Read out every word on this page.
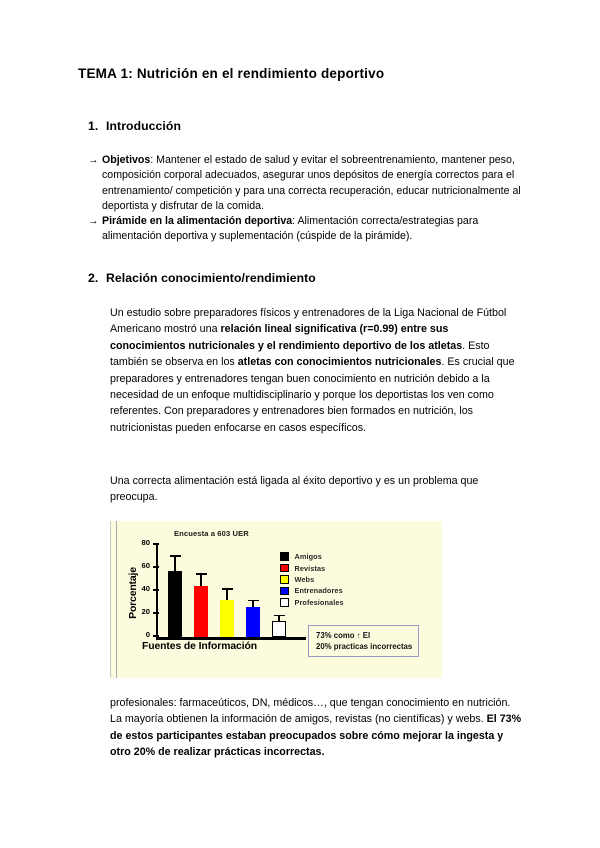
TEMA 1: Nutrición en el rendimiento deportivo
1. Introducción
→ Objetivos: Mantener el estado de salud y evitar el sobreentrenamiento, mantener peso, composición corporal adecuados, asegurar unos depósitos de energía correctos para el entrenamiento/ competición y para una correcta recuperación, educar nutricionalmente al deportista y disfrutar de la comida.
→ Pirámide en la alimentación deportiva: Alimentación correcta/estrategias para alimentación deportiva y suplementación (cúspide de la pirámide).
2. Relación conocimiento/rendimiento
Un estudio sobre preparadores físicos y entrenadores de la Liga Nacional de Fútbol Americano mostró una relación lineal significativa (r=0.99) entre sus conocimientos nutricionales y el rendimiento deportivo de los atletas. Esto también se observa en los atletas con conocimientos nutricionales. Es crucial que preparadores y entrenadores tengan buen conocimiento en nutrición debido a la necesidad de un enfoque multidisciplinario y porque los deportistas los ven como referentes. Con preparadores y entrenadores bien formados en nutrición, los nutricionistas pueden enfocarse en casos específicos.
Una correcta alimentación está ligada al éxito deportivo y es un problema que preocupa.
Encuesta a 603 UER
Porcentaje
0
20
40
60
80
Fuentes de Información
Amigos
Revistas
Webs
Entrenadores
Profesionales
73% como ↑ El
20% practicas incorrectas
profesionales: farmaceúticos, DN, médicos…, que tengan conocimiento en nutrición. La mayoría obtienen la información de amigos, revistas (no científicas) y webs. El 73% de estos participantes estaban preocupados sobre cómo mejorar la ingesta y otro 20% de realizar prácticas incorrectas.
